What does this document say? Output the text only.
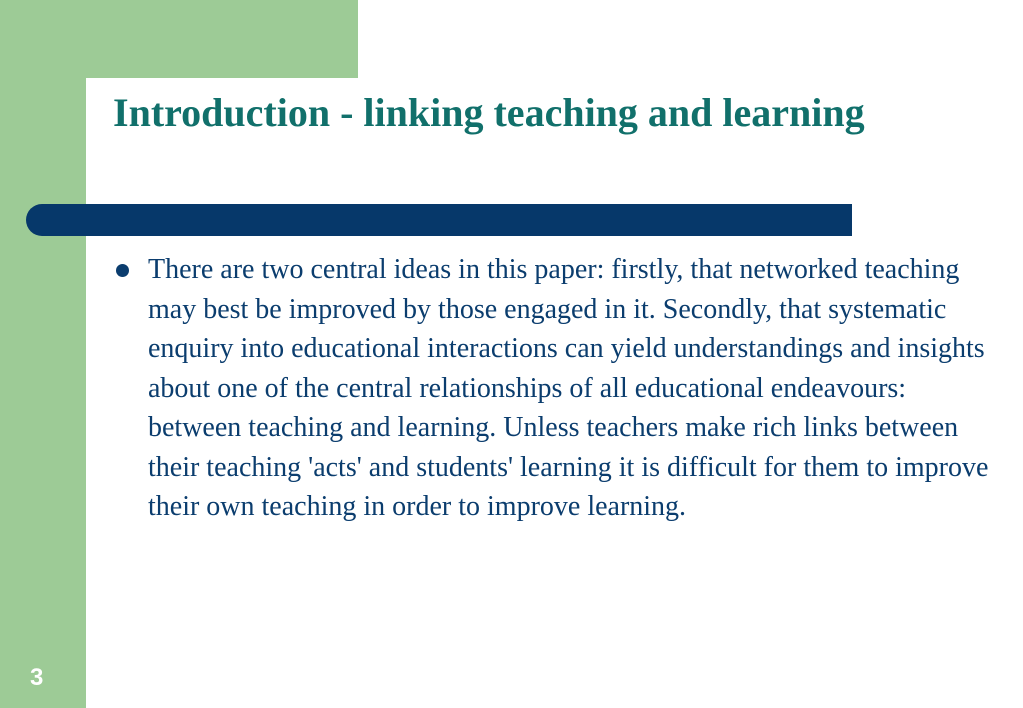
Introduction - linking teaching and learning
There are two central ideas in this paper: firstly, that networked teaching may best be improved by those engaged in it. Secondly, that systematic enquiry into educational interactions can yield understandings and insights about one of the central relationships of all educational endeavours: between teaching and learning. Unless teachers make rich links between their teaching 'acts' and students' learning it is difficult for them to improve their own teaching in order to improve learning.
3
